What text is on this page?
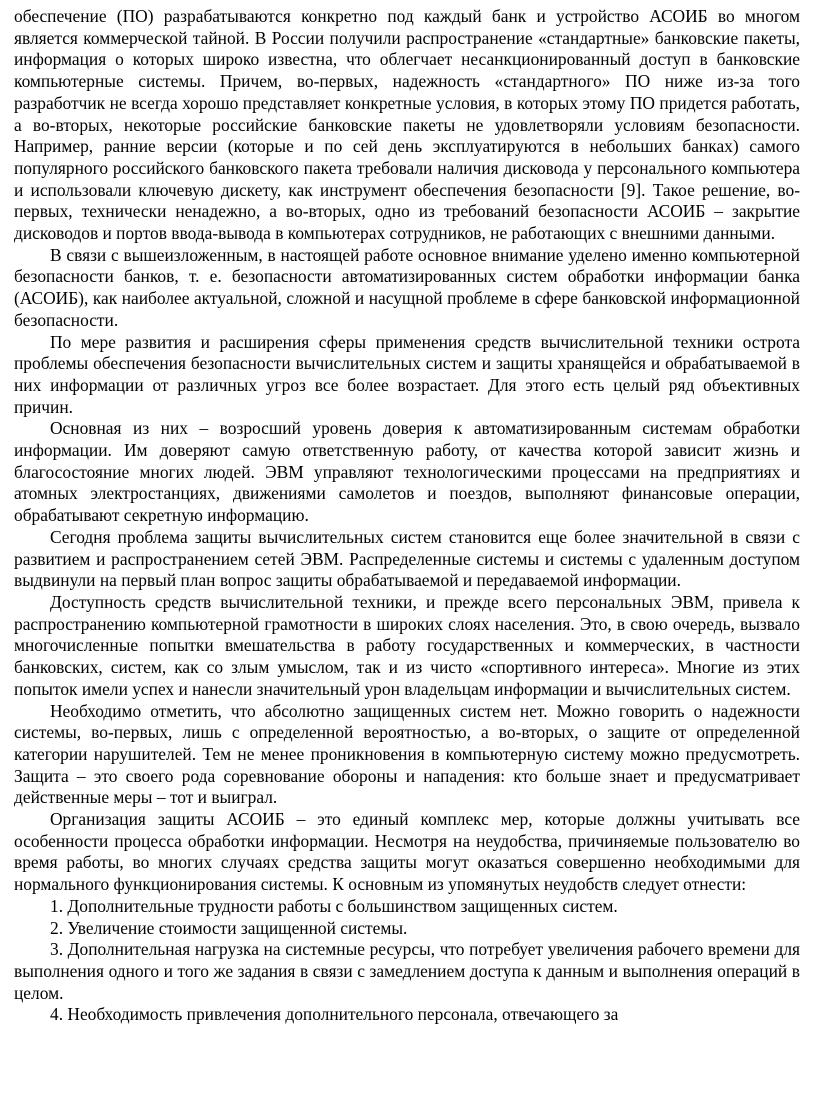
обеспечение (ПО) разрабатываются конкретно под каждый банк и устройство АСОИБ во многом является коммерческой тайной. В России получили распространение «стандартные» банковские пакеты, информация о которых широко известна, что облегчает несанкционированный доступ в банковские компьютерные системы. Причем, во-первых, надежность «стандартного» ПО ниже из-за того разработчик не всегда хорошо представляет конкретные условия, в которых этому ПО придется работать, а во-вторых, некоторые российские банковские пакеты не удовлетворяли условиям безопасности. Например, ранние версии (которые и по сей день эксплуатируются в небольших банках) самого популярного российского банковского пакета требовали наличия дисковода у персонального компьютера и использовали ключевую дискету, как инструмент обеспечения безопасности [9]. Такое решение, во-первых, технически ненадежно, а во-вторых, одно из требований безопасности АСОИБ – закрытие дисководов и портов ввода-вывода в компьютерах сотрудников, не работающих с внешними данными.

В связи с вышеизложенным, в настоящей работе основное внимание уделено именно компьютерной безопасности банков, т. е. безопасности автоматизированных систем обработки информации банка (АСОИБ), как наиболее актуальной, сложной и насущной проблеме в сфере банковской информационной безопасности.

По мере развития и расширения сферы применения средств вычислительной техники острота проблемы обеспечения безопасности вычислительных систем и защиты хранящейся и обрабатываемой в них информации от различных угроз все более возрастает. Для этого есть целый ряд объективных причин.

Основная из них – возросший уровень доверия к автоматизированным системам обработки информации. Им доверяют самую ответственную работу, от качества которой зависит жизнь и благосостояние многих людей. ЭВМ управляют технологическими процессами на предприятиях и атомных электростанциях, движениями самолетов и поездов, выполняют финансовые операции, обрабатывают секретную информацию.

Сегодня проблема защиты вычислительных систем становится еще более значительной в связи с развитием и распространением сетей ЭВМ. Распределенные системы и системы с удаленным доступом выдвинули на первый план вопрос защиты обрабатываемой и передаваемой информации.

Доступность средств вычислительной техники, и прежде всего персональных ЭВМ, привела к распространению компьютерной грамотности в широких слоях населения. Это, в свою очередь, вызвало многочисленные попытки вмешательства в работу государственных и коммерческих, в частности банковских, систем, как со злым умыслом, так и из чисто «спортивного интереса». Многие из этих попыток имели успех и нанесли значительный урон владельцам информации и вычислительных систем.

Необходимо отметить, что абсолютно защищенных систем нет. Можно говорить о надежности системы, во-первых, лишь с определенной вероятностью, а во-вторых, о защите от определенной категории нарушителей. Тем не менее проникновения в компьютерную систему можно предусмотреть. Защита – это своего рода соревнование обороны и нападения: кто больше знает и предусматривает действенные меры – тот и выиграл.

Организация защиты АСОИБ – это единый комплекс мер, которые должны учитывать все особенности процесса обработки информации. Несмотря на неудобства, причиняемые пользователю во время работы, во многих случаях средства защиты могут оказаться совершенно необходимыми для нормального функционирования системы. К основным из упомянутых неудобств следует отнести:

1. Дополнительные трудности работы с большинством защищенных систем.

2. Увеличение стоимости защищенной системы.

3. Дополнительная нагрузка на системные ресурсы, что потребует увеличения рабочего времени для выполнения одного и того же задания в связи с замедлением доступа к данным и выполнения операций в целом.

4. Необходимость привлечения дополнительного персонала, отвечающего за
